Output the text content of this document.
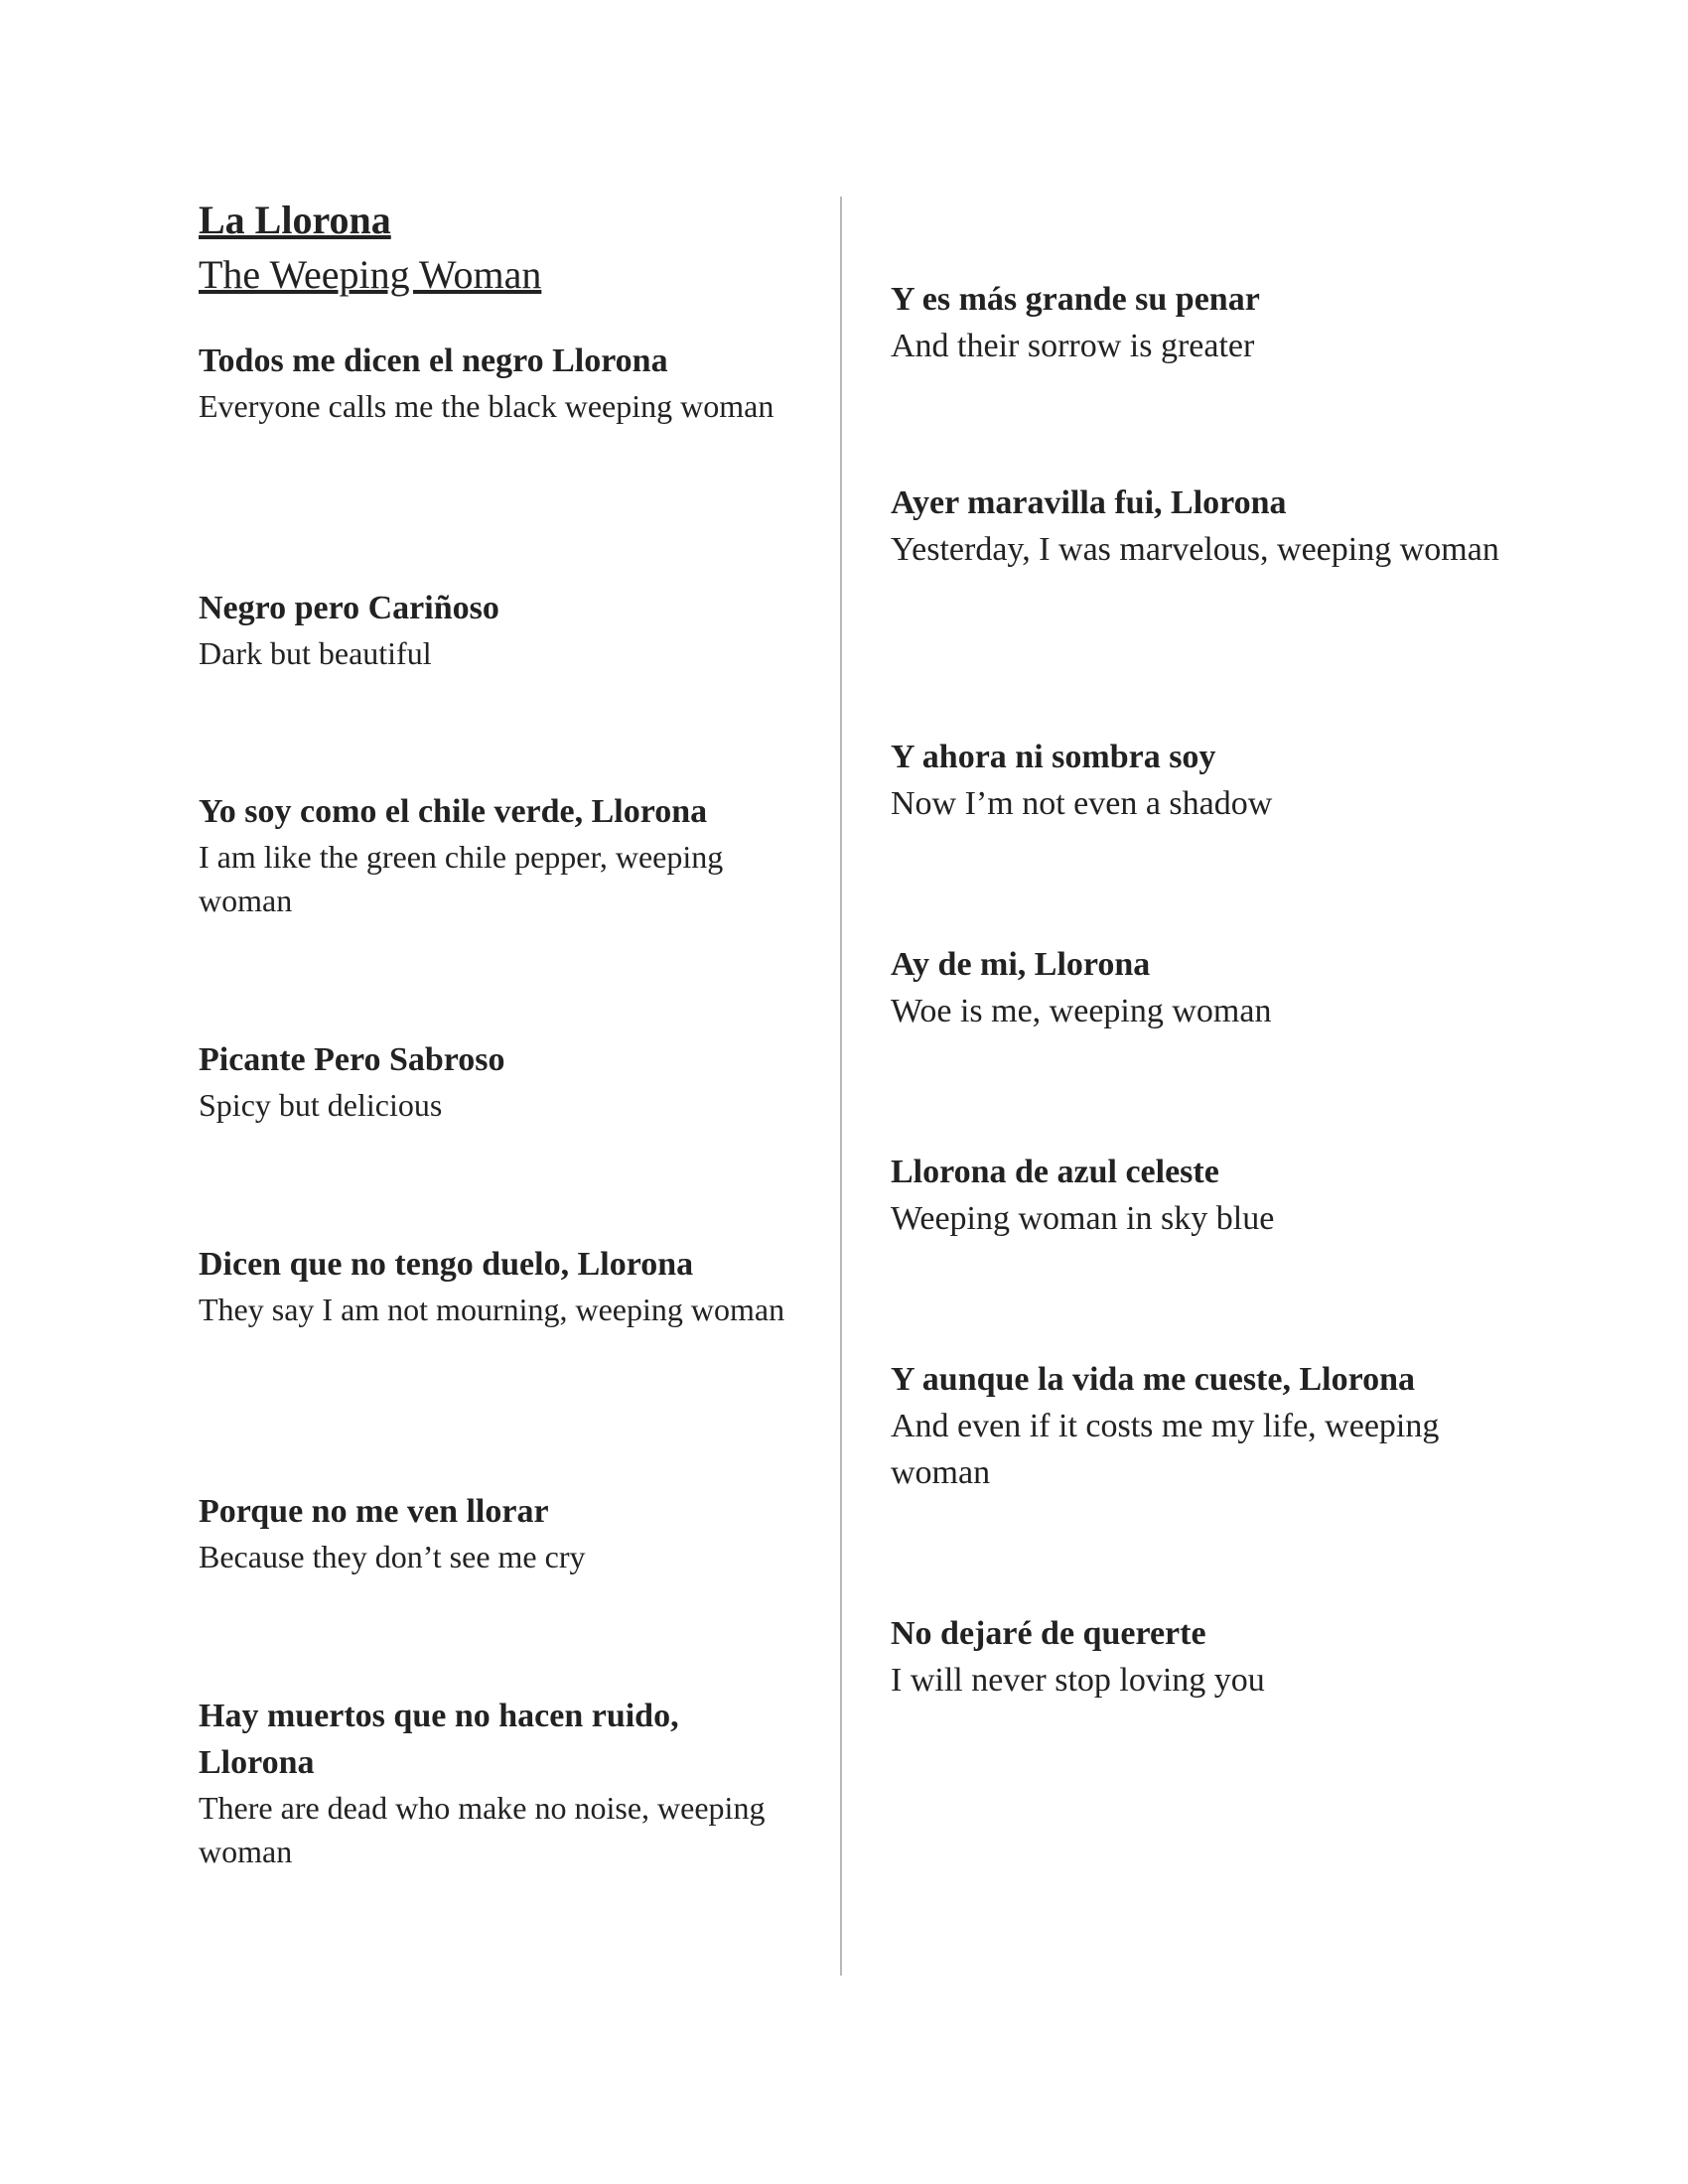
La Llorona
The Weeping Woman
Todos me dicen el negro Llorona
Everyone calls me the black weeping woman
Negro pero Cariñoso
Dark but beautiful
Yo soy como el chile verde, Llorona
I am like the green chile pepper, weeping woman
Picante Pero Sabroso
Spicy but delicious
Dicen que no tengo duelo, Llorona
They say I am not mourning, weeping woman
Porque no me ven llorar
Because they don’t see me cry
Hay muertos que no hacen ruido, Llorona
There are dead who make no noise, weeping woman
Y es más grande su penar
And their sorrow is greater
Ayer maravilla fui, Llorona
Yesterday, I was marvelous, weeping woman
Y ahora ni sombra soy
Now I’m not even a shadow
Ay de mi, Llorona
Woe is me, weeping woman
Llorona de azul celeste
Weeping woman in sky blue
Y aunque la vida me cueste, Llorona
And even if it costs me my life, weeping woman
No dejaré de quererte
I will never stop loving you
